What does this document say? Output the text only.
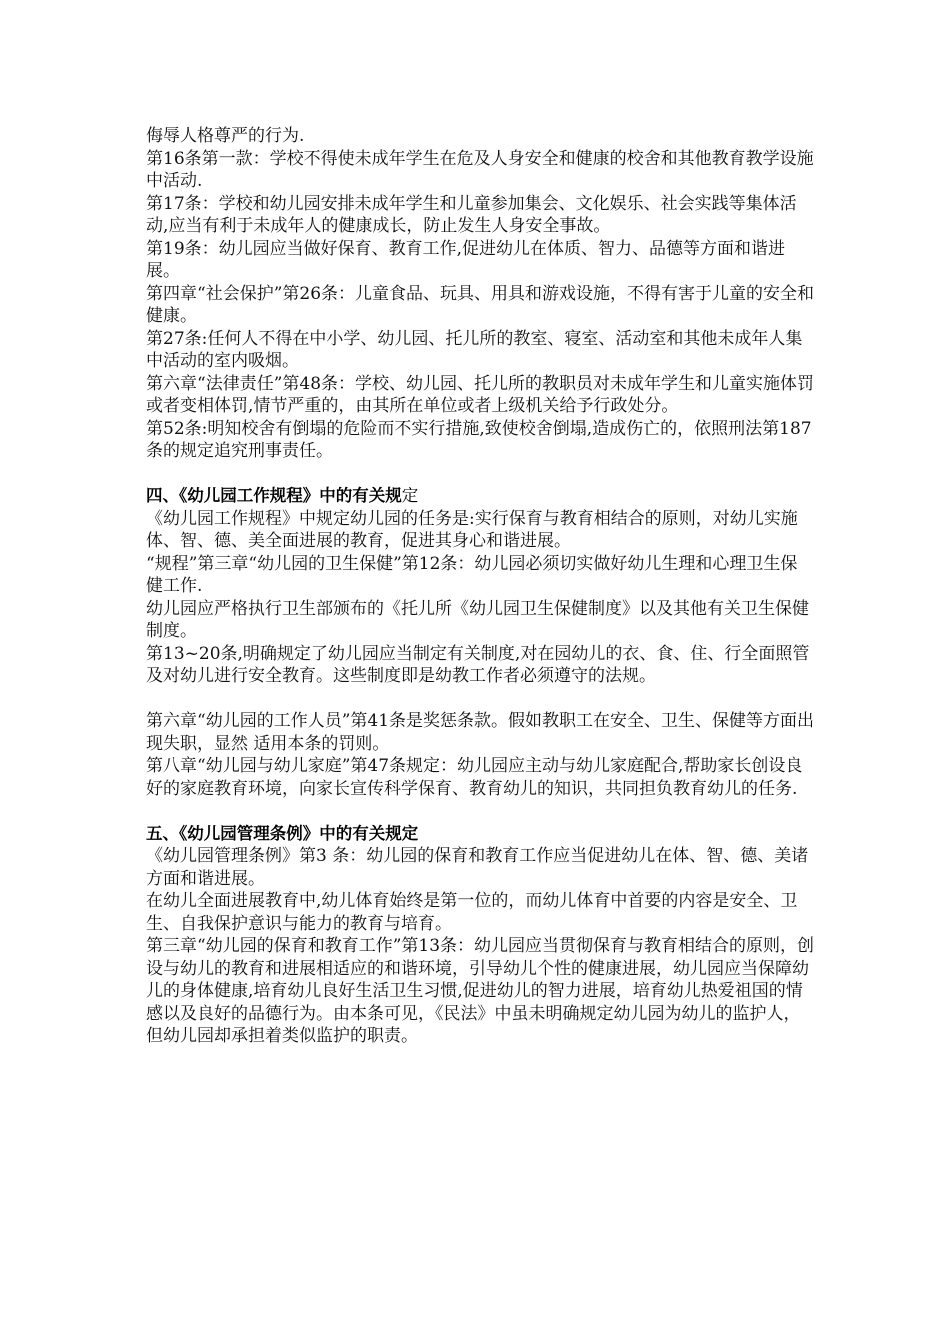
侮辱人格尊严的行为.

第16条第一款：学校不得使未成年学生在危及人身安全和健康的校舍和其他教育教学设施中活动.

第17条：学校和幼儿园安排未成年学生和儿童参加集会、文化娱乐、社会实践等集体活动,应当有利于未成年人的健康成长，防止发生人身安全事故。

第19条：幼儿园应当做好保育、教育工作,促进幼儿在体质、智力、品德等方面和谐进展。

第四章“社会保护”第26条：儿童食品、玩具、用具和游戏设施，不得有害于儿童的安全和健康。

第27条:任何人不得在中小学、幼儿园、托儿所的教室、寝室、活动室和其他未成年人集中活动的室内吸烟。

第六章“法律责任”第48条：学校、幼儿园、托儿所的教职员对未成年学生和儿童实施体罚或者变相体罚,情节严重的，由其所在单位或者上级机关给予行政处分。

第52条:明知校舍有倒塌的危险而不实行措施,致使校舍倒塌,造成伤亡的，依照刑法第187条的规定追究刑事责任。

四、《幼儿园工作规程》中的有关规定

《幼儿园工作规程》中规定幼儿园的任务是:实行保育与教育相结合的原则，对幼儿实施体、智、德、美全面进展的教育，促进其身心和谐进展。

“规程”第三章“幼儿园的卫生保健”第12条：幼儿园必须切实做好幼儿生理和心理卫生保健工作.

幼儿园应严格执行卫生部颁布的《托儿所《幼儿园卫生保健制度》以及其他有关卫生保健制度。

第13~20条,明确规定了幼儿园应当制定有关制度,对在园幼儿的衣、食、住、行全面照管及对幼儿进行安全教育。这些制度即是幼教工作者必须遵守的法规。

第六章“幼儿园的工作人员”第41条是奖惩条款。假如教职工在安全、卫生、保健等方面出现失职，显然 适用本条的罚则。

第八章“幼儿园与幼儿家庭”第47条规定：幼儿园应主动与幼儿家庭配合,帮助家长创设良好的家庭教育环境，向家长宣传科学保育、教育幼儿的知识，共同担负教育幼儿的任务.

五、《幼儿园管理条例》中的有关规定

《幼儿园管理条例》第3 条：幼儿园的保育和教育工作应当促进幼儿在体、智、德、美诸方面和谐进展。

在幼儿全面进展教育中,幼儿体育始终是第一位的，而幼儿体育中首要的内容是安全、卫生、自我保护意识与能力的教育与培育。

第三章“幼儿园的保育和教育工作”第13条：幼儿园应当贯彻保育与教育相结合的原则，创设与幼儿的教育和进展相适应的和谐环境，引导幼儿个性的健康进展，幼儿园应当保障幼儿的身体健康,培育幼儿良好生活卫生习惯,促进幼儿的智力进展，培育幼儿热爱祖国的情感以及良好的品德行为。由本条可见，《民法》中虽未明确规定幼儿园为幼儿的监护人，但幼儿园却承担着类似监护的职责。
